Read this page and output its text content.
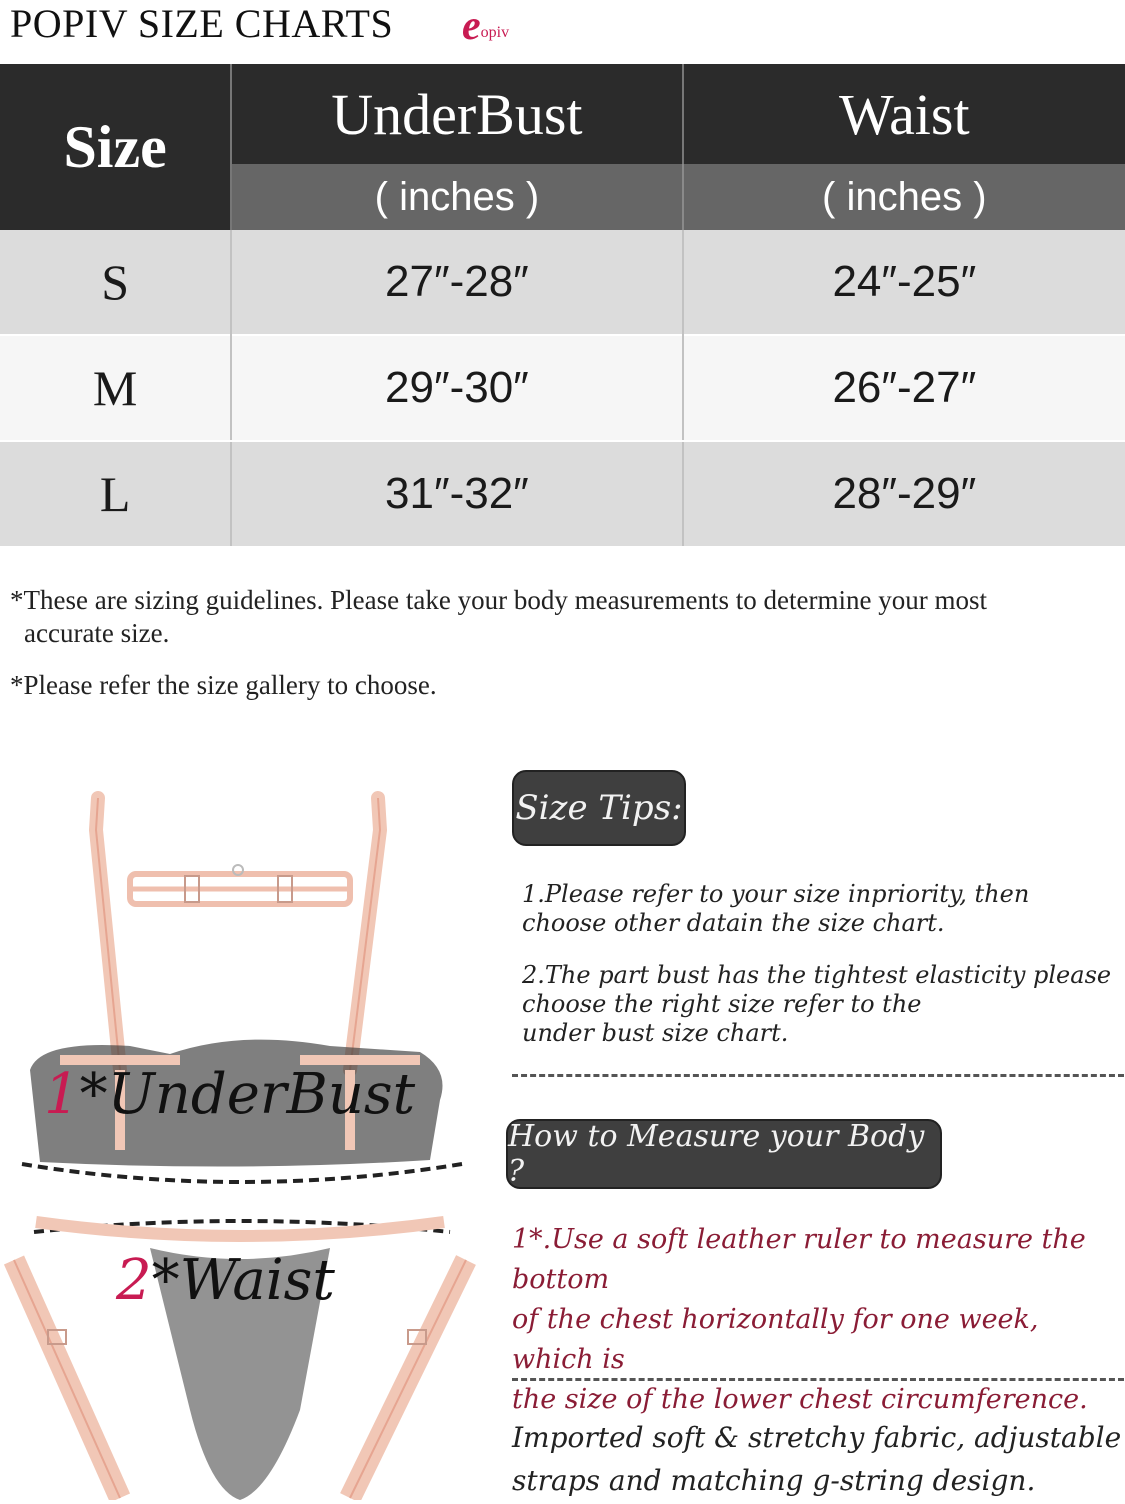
POPIV SIZE CHARTS eopiv
Size	UnderBust	Waist
	( inches )	( inches )
S	27″-28″	24″-25″
M	29″-30″	26″-27″
L	31″-32″	28″-29″
*These are sizing guidelines. Please take your body measurements to determine your most
accurate size.
*Please refer the size gallery to choose.
1*UnderBust
2*Waist
Size Tips:
1.Please refer to your size inpriority, then
choose other datain the size chart.
2.The part bust has the tightest elasticity please
choose the right size refer to the
under bust size chart.
How to Measure your Body ?
1*.Use a soft leather ruler to measure the bottom
of the chest horizontally for one week, which is
the size of the lower chest circumference.
Imported soft & stretchy fabric, adjustable
straps and matching g-string design.
